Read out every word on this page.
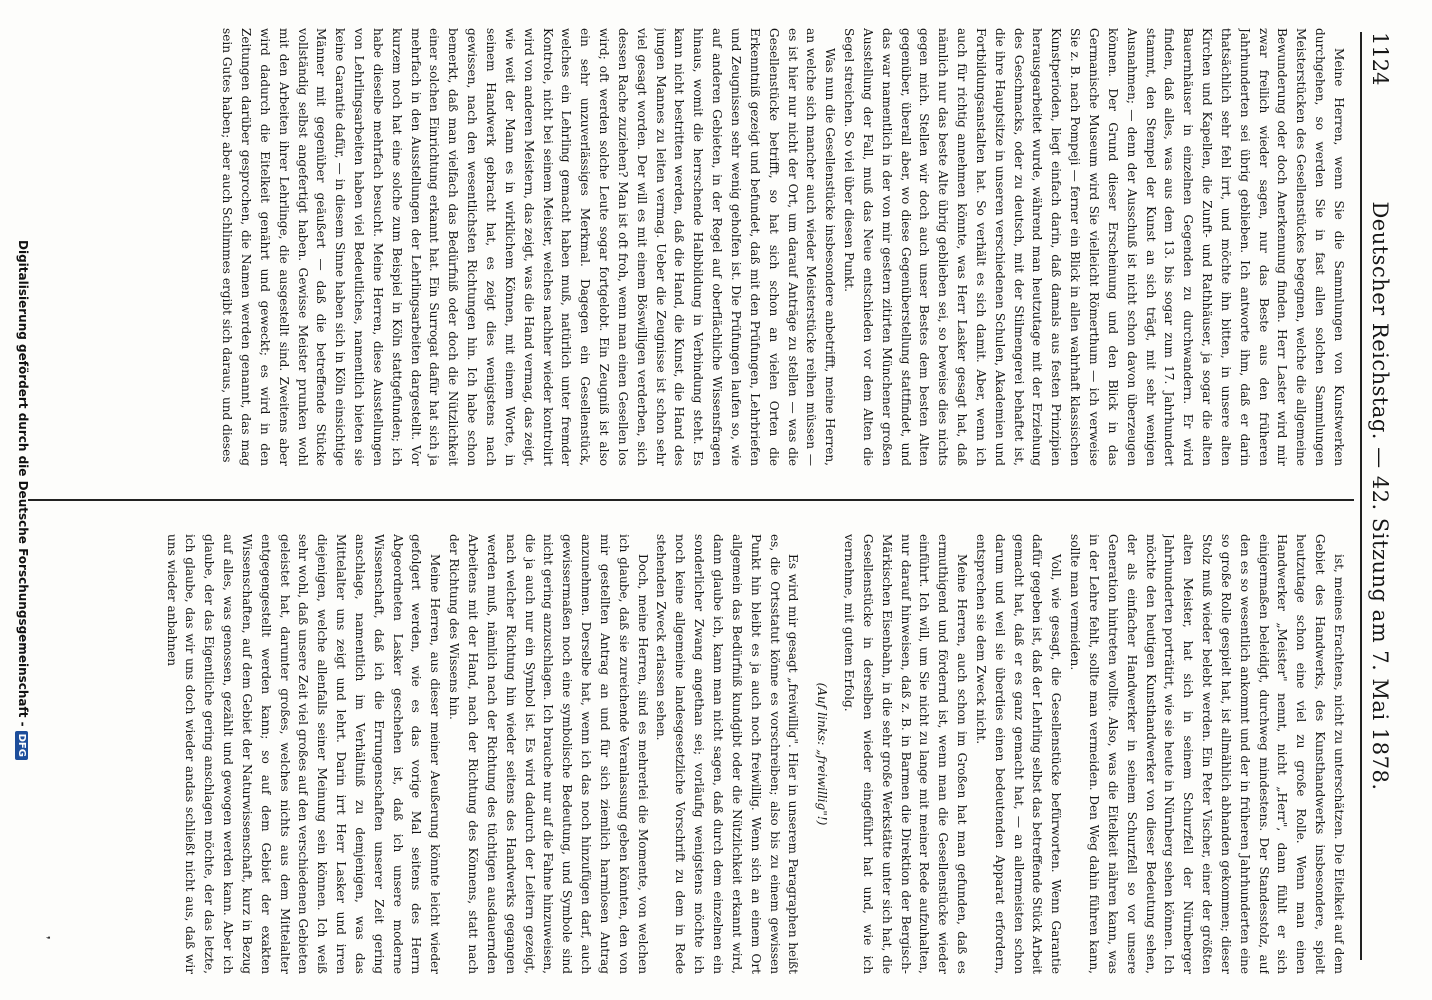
1124
Deutscher Reichstag. — 42. Sitzung am 7. Mai 1878.

Meine Herren, wenn Sie die Sammlungen von Kunstwerken durchgehen, so werden Sie in fast allen solchen Sammlungen Meisterstücken des Gesellenstückes begegnen, welche die allgemeine Bewunderung oder doch Anerkennung finden. Herr Laster wird mir zwar freilich wieder sagen, nur das Beste aus den früheren Jahrhunderten sei übrig geblieben. Ich antworte ihm, daß er darin thatsächlich sehr fehl irrt, und möchte ihn bitten, in unsere alten Kirchen und Kapellen, die Zunft- und Rathhäuser, ja sogar die alten Bauernhäuser in einzelnen Gegenden zu durchwandern. Er wird finden, daß alles, was aus dem 13. bis sogar zum 17. Jahrhundert stammt, den Stempel der Kunst an sich trägt, mit sehr wenigen Ausnahmen; — denn der Ausschuß ist nicht schon davon überzeugen können. Der Grund dieser Erscheinung und den Blick in das Germanische Museum wird Sie vielleicht Römerthum — ich verweise Sie z. B. nach Pompeji — ferner ein Blick in allen wahrhaft klassischen Kunstperioden, liegt einfach darin, daß damals aus festen Prinzipien herausgearbeitet wurde, während man heutzutage mit der Erziehung des Geschmacks, oder zu deutsch, mit der Stilmengerei behaftet ist, die ihre Hauptsitze in unseren verschiedenen Schulen, Akademien und Fortbildungsanstalten hat. So verhält es sich damit. Aber, wenn ich auch für richtig annehmen könnte, was Herr Lasker gesagt hat, daß nämlich nur das beste Alte übrig geblieben sei, so beweise dies nichts gegen mich. Stellen wir doch auch unser Bestes dem besten Alten gegenüber, überall aber, wo diese Gegenüberstellung stattfindet, und das war namentlich in der von mir gestern zitirten Münchener großen Ausstellung der Fall, muß das Neue entschieden vor dem Alten die Segel streichen. So viel über diesen Punkt.

Was nun die Gesellenstücke insbesondere anbetrifft, meine Herren, an welche sich mancher auch wieder Meisterstücke reihen müssen — es ist hier nur nicht der Ort, um darauf Anträge zu stellen — was die Gesellenstücke betrifft, so hat sich schon an vielen Orten die Erkenntniß gezeigt und befundet, daß mit den Prüfungen, Lehrbriefen und Zeugnissen sehr wenig geholfen ist. Die Prüfungen laufen so, wie auf anderen Gebieten, in der Regel auf oberflächliche Wissensfragen hinaus, womit die herrschende Halbbildung in Verbindung steht. Es kann nicht bestritten werden, daß die Hand, die Kunst, die Hand des jungen Mannes zu leiten vermag. Ueber die Zeugnisse ist schon sehr viel gesagt worden. Der will es mit einem Böswilligen verderben, sich dessen Rache zuziehen? Man ist oft froh, wenn man einen Gesellen los wird; oft werden solche Leute sogar fortgelobt. Ein Zeugniß ist also ein sehr unzuverlässiges Merkmal. Dagegen ein Gesellenstück, welches ein Lehrling gemacht haben muß, natürlich unter fremder Kontrole, nicht bei seinem Meister, welches nachher wieder kontrolirt wird von anderen Meistern, das zeigt, was die Hand vermag, das zeigt, wie weit der Mann es in wirklichem Können, mit einem Worte, in seinem Handwerk gebracht hat, es zeigt dies wenigstens nach gewissen, nach den wesentlichsten Richtungen hin. Ich habe schon bemerkt, daß man vielfach das Bedürfniß oder doch die Nützlichkeit einer solchen Einrichtung erkannt hat. Ein Surrogat dafür hat sich ja mehrfach in den Ausstellungen der Lehrlingsarbeiten dargestellt. Vor kurzem noch hat eine solche zum Beispiel in Köln stattgefunden; ich habe dieselbe mehrfach besucht. Meine Herren, diese Ausstellungen von Lehrlingsarbeiten haben viel Bedeutliches, namentlich bieten sie keine Garantie dafür, — in diesem Sinne haben sich in Köln einsichtige Männer mit gegenüber geäußert — daß die betreffende Stücke vollständig selbst angefertigt haben. Gewisse Meister prunken wohl mit den Arbeiten ihrer Lehrlinge, die ausgestellt sind. Zweitens aber wird dadurch die Eitelkeit genährt und geweckt; es wird in den Zeitungen darüber gesprochen, die Namen werden genannt, das mag sein Gutes haben; aber auch Schlimmes ergibt sich daraus, und dieses

ist, meines Erachtens, nicht zu unterschätzen. Die Eitelkeit auf dem Gebiet des Handwerks, des Kunsthandwerks insbesondere, spielt heutzutage schon eine viel zu große Rolle. Wenn man einen Handwerker „Meister" nennt, nicht „Herr", dann fühlt er sich einigermaßen beleidigt, durchweg mindestens. Der Standesstolz, auf den es so wesentlich ankommt und der in früheren Jahrhunderten eine so große Rolle gespielt hat, ist allmählich abhanden gekommen; dieser Stolz muß wieder belebt werden. Ein Peter Vischer, einer der größten alten Meister, hat sich in seinem Schurzfell der Nürnberger Jahrhunderten porträtirt, wie sie heute in Nürnberg sehen können. Ich möchte den heutigen Kunsthandwerker von dieser Bedeutung sehen, der als einfacher Handwerker in seinem Schurzfell so vor unsere Generation hintreten wollte. Also, was die Eitelkeit nähren kann, was in der Lehre fehlt, sollte man vermeiden. Den Weg dahin führen kann, sollte man vermeiden.

Voll, wie gesagt, die Gesellenstücke befürworten. Wenn Garantie dafür gegeben ist, daß der Lehrling selbst das betreffende Stück Arbeit gemacht hat, daß er es ganz gemacht hat, — an allermeisten schon darum und weil sie überdies einen bedeutenden Apparat erfordern, entsprechen sie dem Zweck nicht.

Meine Herren, auch schon im Großen hat man gefunden, daß es ermuthigend und fördernd ist, wenn man die Gesellenstücke wieder einführt. Ich will, um Sie nicht zu lange mit meiner Rede aufzuhalten, nur darauf hinweisen, daß z. B. in Barmen die Direktion der Bergisch-Märkischen Eisenbahn, in die sehr große Werkstätte unter sich hat, die Gesellenstücke in derselben wieder eingeführt hat und, wie ich vernehme, mit gutem Erfolg.

(Auf links: „freiwillig"!)

Es wird mir gesagt „freiwillig". Hier in unserem Paragraphen heißt es, die Ortsstatut könne es vorschreiben; also bis zu einem gewissen Punkt hin bleibt es ja auch noch freiwillig. Wenn sich an einem Ort allgemein das Bedürfniß kundgibt oder die Nützlichkeit erkannt wird, dann glaube ich, kann man nicht sagen, daß durch dem einzelnen ein sonderlicher Zwang angethan sei; vorläufig wenigstens möchte ich noch keine allgemeine landesgesetzliche Vorschrift zu dem in Rede stehenden Zweck erlassen sehen.

Doch, meine Herren, sind es mehrerlei die Momente, von welchen ich glaube, daß sie zureichende Veranlassung geben könnten, den von mir gestellten Antrag an und für sich ziemlich harmlosen Antrag anzunehmen. Derselbe hat, wenn ich das noch hinzufügen darf, auch gewissermaßen noch eine symbolische Bedeutung, und Symbole sind nicht gering anzuschlagen. Ich brauche nur auf die Fahne hinzuweisen, die ja auch nur ein Symbol ist. Es wird dadurch der Leitern gezeigt, nach welcher Richtung hin wieder seitens des Handwerks gegangen werden muß, nämlich nach der Richtung des tüchtigen ausdauernden Arbeitens mit der Hand, nach der Richtung des Könnens, statt nach der Richtung des Wissens hin.

Meine Herren, aus dieser meiner Aeußerung könnte leicht wieder gefolgert werden, wie es das vorige Mal seitens des Herrn Abgeordneten Lasker geschehen ist, daß ich unsere moderne Wissenschaft, daß ich die Errungenschaften unserer Zeit gering anschlage, namentlich im Verhältniß zu demjenigen, was das Mittelalter uns zeigt und lehrt. Darin irrt Herr Lasker und irren diejenigen, welche allenfalls seiner Meinung sein können. Ich weiß sehr wohl, daß unsere Zeit viel großes auf den verschiedenen Gebieten geleistet hat, darunter großes, welches nichts aus dem Mittelalter entgegengestellt werden kann; so auf dem Gebiet der exakten Wissenschaften, auf dem Gebiet der Naturwissenschaft, kurz in Bezug auf alles, was genossen, gezählt und gewogen werden kann. Aber ich glaube, der das Eigentliche gering anschlagen möchte, der das letzte, ich glaube, das wir uns doch wieder andas schließt nicht aus, daß wir uns wieder anbahnen

Digitalisierung gefördert durch die Deutsche Forschungsgemeinschaft -DFG
❜
